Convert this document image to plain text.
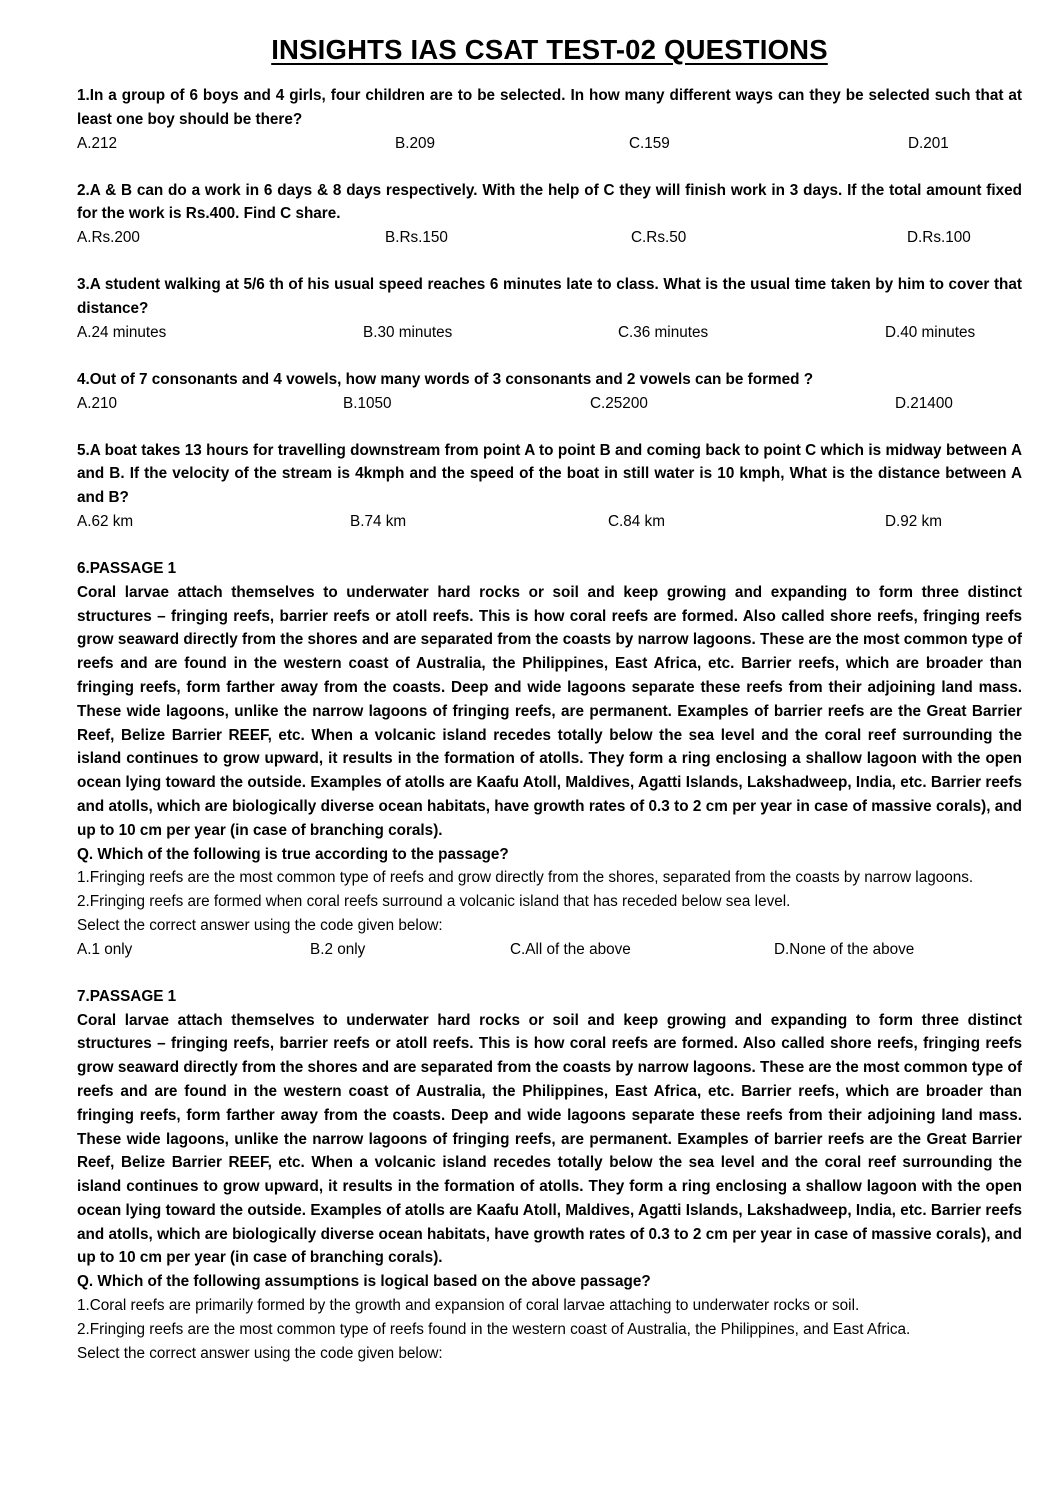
INSIGHTS IAS CSAT TEST-02 QUESTIONS

1.In a group of 6 boys and 4 girls, four children are to be selected. In how many different ways can they be selected such that at least one boy should be there?

A.212	B.209	C.159	D.201

2.A & B can do a work in 6 days & 8 days respectively. With the help of C they will finish work in 3 days. If the total amount fixed for the work is Rs.400. Find C share.

A.Rs.200	B.Rs.150	C.Rs.50	D.Rs.100

3.A student walking at 5/6 th of his usual speed reaches 6 minutes late to class. What is the usual time taken by him to cover that distance?

A.24 minutes	B.30 minutes	C.36 minutes	D.40 minutes

4.Out of 7 consonants and 4 vowels, how many words of 3 consonants and 2 vowels can be formed ?

A.210	B.1050	C.25200	D.21400

5.A boat takes 13 hours for travelling downstream from point A to point B and coming back to point C which is midway between A and B. If the velocity of the stream is 4kmph and the speed of the boat in still water is 10 kmph, What is the distance between A and B?

A.62 km	B.74 km	C.84 km	D.92 km

6.PASSAGE 1

Coral larvae attach themselves to underwater hard rocks or soil and keep growing and expanding to form three distinct structures – fringing reefs, barrier reefs or atoll reefs. This is how coral reefs are formed. Also called shore reefs, fringing reefs grow seaward directly from the shores and are separated from the coasts by narrow lagoons. These are the most common type of reefs and are found in the western coast of Australia, the Philippines, East Africa, etc. Barrier reefs, which are broader than fringing reefs, form farther away from the coasts. Deep and wide lagoons separate these reefs from their adjoining land mass. These wide lagoons, unlike the narrow lagoons of fringing reefs, are permanent. Examples of barrier reefs are the Great Barrier Reef, Belize Barrier REEF, etc. When a volcanic island recedes totally below the sea level and the coral reef surrounding the island continues to grow upward, it results in the formation of atolls. They form a ring enclosing a shallow lagoon with the open ocean lying toward the outside. Examples of atolls are Kaafu Atoll, Maldives, Agatti Islands, Lakshadweep, India, etc. Barrier reefs and atolls, which are biologically diverse ocean habitats, have growth rates of 0.3 to 2 cm per year in case of massive corals), and up to 10 cm per year (in case of branching corals).

Q. Which of the following is true according to the passage?

1.Fringing reefs are the most common type of reefs and grow directly from the shores, separated from the coasts by narrow lagoons.

2.Fringing reefs are formed when coral reefs surround a volcanic island that has receded below sea level.

Select the correct answer using the code given below:

A.1 only	B.2 only	C.All of the above	D.None of the above

7.PASSAGE 1

Coral larvae attach themselves to underwater hard rocks or soil and keep growing and expanding to form three distinct structures – fringing reefs, barrier reefs or atoll reefs. This is how coral reefs are formed. Also called shore reefs, fringing reefs grow seaward directly from the shores and are separated from the coasts by narrow lagoons. These are the most common type of reefs and are found in the western coast of Australia, the Philippines, East Africa, etc. Barrier reefs, which are broader than fringing reefs, form farther away from the coasts. Deep and wide lagoons separate these reefs from their adjoining land mass. These wide lagoons, unlike the narrow lagoons of fringing reefs, are permanent. Examples of barrier reefs are the Great Barrier Reef, Belize Barrier REEF, etc. When a volcanic island recedes totally below the sea level and the coral reef surrounding the island continues to grow upward, it results in the formation of atolls. They form a ring enclosing a shallow lagoon with the open ocean lying toward the outside. Examples of atolls are Kaafu Atoll, Maldives, Agatti Islands, Lakshadweep, India, etc. Barrier reefs and atolls, which are biologically diverse ocean habitats, have growth rates of 0.3 to 2 cm per year in case of massive corals), and up to 10 cm per year (in case of branching corals).

Q. Which of the following assumptions is logical based on the above passage?

1.Coral reefs are primarily formed by the growth and expansion of coral larvae attaching to underwater rocks or soil.

2.Fringing reefs are the most common type of reefs found in the western coast of Australia, the Philippines, and East Africa.

Select the correct answer using the code given below:
